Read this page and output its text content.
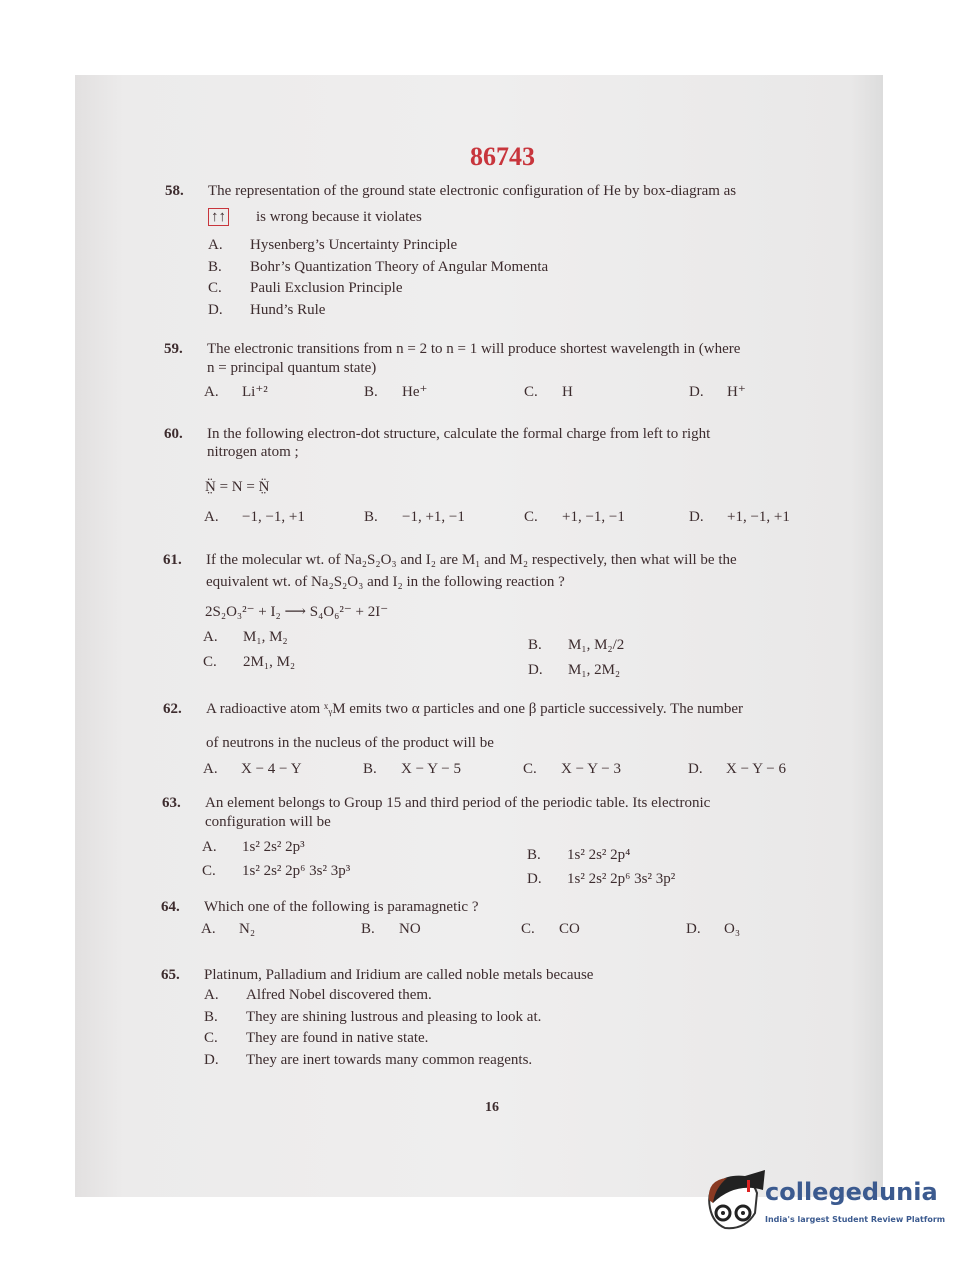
86743
58. The representation of the ground state electronic configuration of He by box-diagram as
↑↑ is wrong because it violates
A. Hysenberg’s Uncertainty Principle
B. Bohr’s Quantization Theory of Angular Momenta
C. Pauli Exclusion Principle
D. Hund’s Rule
59. The electronic transitions from n = 2 to n = 1 will produce shortest wavelength in (where
n = principal quantum state)
A. Li⁺²	B. He⁺	C. H	D. H⁺
60. In the following electron-dot structure, calculate the formal charge from left to right
nitrogen atom ;
N̤̈ = N = N̤̈
A. −1, −1, +1	B. −1, +1, −1	C. +1, −1, −1	D. +1, −1, +1
61. If the molecular wt. of Na₂S₂O₃ and I₂ are M₁ and M₂ respectively, then what will be the
equivalent wt. of Na₂S₂O₃ and I₂ in the following reaction ?
2S₂O₃²⁻ + I₂ ⟶ S₄O₆²⁻ + 2I⁻
A. M₁, M₂	B. M₁, M₂/2
C. 2M₁, M₂	D. M₁, 2M₂
62. A radioactive atom ˣᵧM emits two α particles and one β particle successively. The number
of neutrons in the nucleus of the product will be
A. X − 4 − Y	B. X − Y − 5	C. X − Y − 3	D. X − Y − 6
63. An element belongs to Group 15 and third period of the periodic table. Its electronic
configuration will be
A. 1s² 2s² 2p³	B. 1s² 2s² 2p⁴
C. 1s² 2s² 2p⁶ 3s² 3p³	D. 1s² 2s² 2p⁶ 3s² 3p²
64. Which one of the following is paramagnetic ?
A. N₂	B. NO	C. CO	D. O₃
65. Platinum, Palladium and Iridium are called noble metals because
A. Alfred Nobel discovered them.
B. They are shining lustrous and pleasing to look at.
C. They are found in native state.
D. They are inert towards many common reagents.
16
collegedunia
India's largest Student Review Platform
